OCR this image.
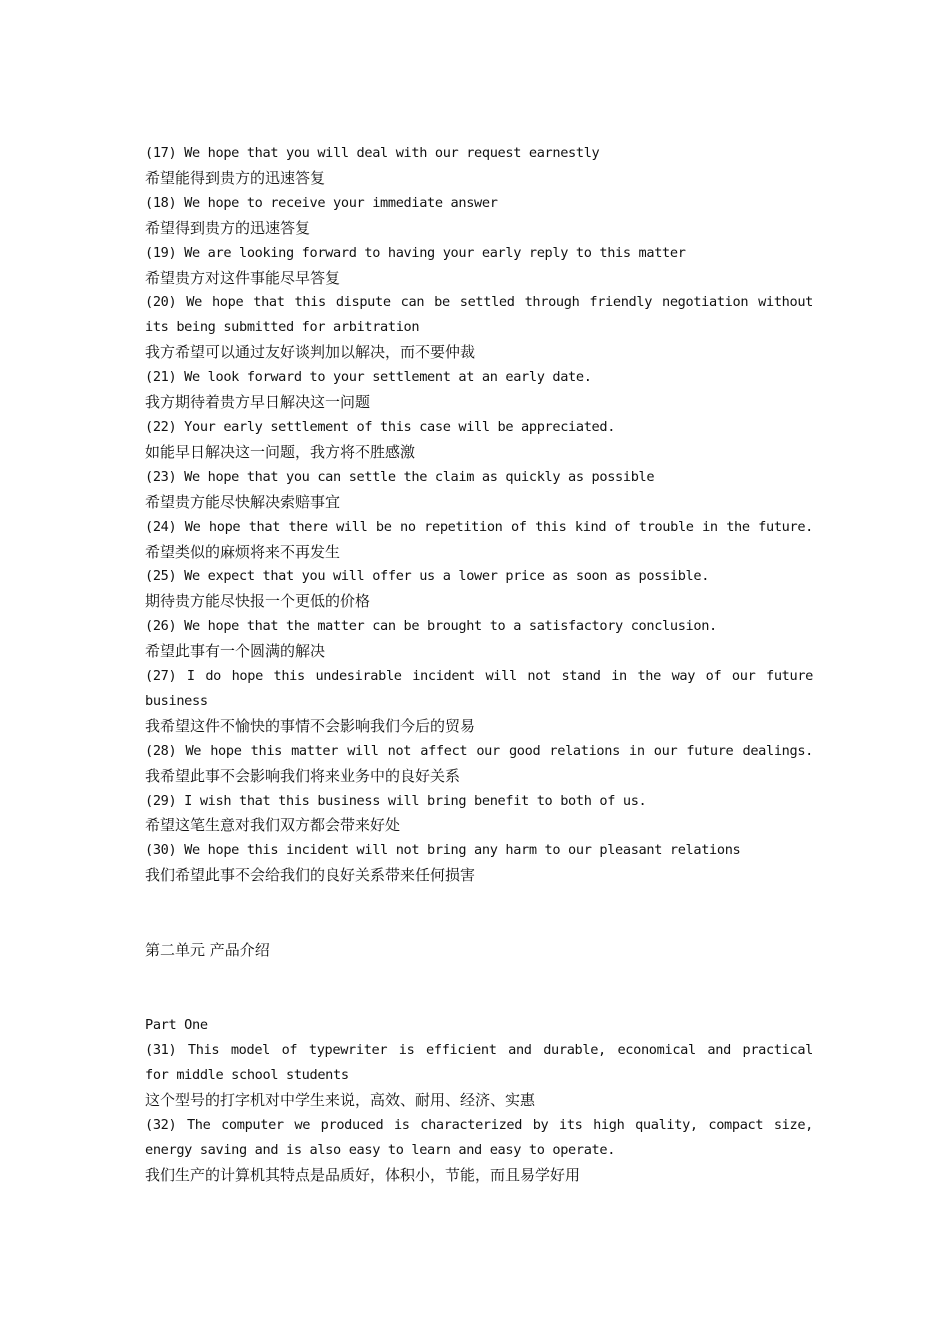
(17) We hope that you will deal with our request earnestly
希望能得到贵方的迅速答复
(18) We hope to receive your immediate answer
希望得到贵方的迅速答复
(19) We are looking forward to having your early reply to this matter
希望贵方对这件事能尽早答复
(20) We hope that this dispute can be settled through friendly negotiation without
its being submitted for arbitration
我方希望可以通过友好谈判加以解决，而不要仲裁
(21) We look forward to your settlement at an early date.
我方期待着贵方早日解决这一问题
(22) Your early settlement of this case will be appreciated.
如能早日解决这一问题，我方将不胜感激
(23) We hope that you can settle the claim as quickly as possible
希望贵方能尽快解决索赔事宜
(24) We hope that there will be no repetition of this kind of trouble in the future.
希望类似的麻烦将来不再发生
(25) We expect that you will offer us a lower price as soon as possible.
期待贵方能尽快报一个更低的价格
(26) We hope that the matter can be brought to a satisfactory conclusion.
希望此事有一个圆满的解决
(27) I do hope this undesirable incident will not stand in the way of our future
business
我希望这件不愉快的事情不会影响我们今后的贸易
(28) We hope this matter will not affect our good relations in our future dealings.
我希望此事不会影响我们将来业务中的良好关系
(29) I wish that this business will bring benefit to both of us.
希望这笔生意对我们双方都会带来好处
(30) We hope this incident will not bring any harm to our pleasant relations
我们希望此事不会给我们的良好关系带来任何损害
第二单元 产品介绍
Part One
(31) This model of typewriter is efficient and durable, economical and practical
for middle school students
这个型号的打字机对中学生来说，高效、耐用、经济、实惠
(32) The computer we produced is characterized by its high quality, compact size,
energy saving and is also easy to learn and easy to operate.
我们生产的计算机其特点是品质好，体积小，节能，而且易学好用
